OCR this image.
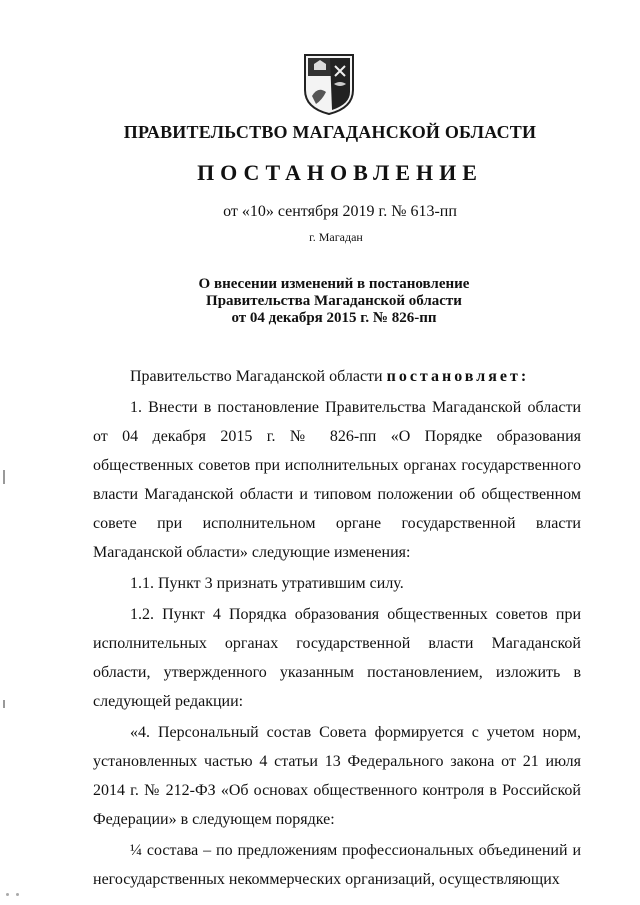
ПРАВИТЕЛЬСТВО МАГАДАНСКОЙ ОБЛАСТИ
ПОСТАНОВЛЕНИЕ
от «10» сентября 2019 г. № 613-пп
г. Магадан
О внесении изменений в постановление
Правительства Магаданской области
от 04 декабря 2015 г. № 826-пп

Правительство Магаданской области постановляет:

1. Внести в постановление Правительства Магаданской области от 04 декабря 2015 г. № 826-пп «О Порядке образования общественных советов при исполнительных органах государственного власти Магаданской области и типовом положении об общественном совете при исполнительном органе государственной власти Магаданской области» следующие изменения:

1.1. Пункт 3 признать утратившим силу.

1.2. Пункт 4 Порядка образования общественных советов при исполнительных органах государственной власти Магаданской области, утвержденного указанным постановлением, изложить в следующей редакции:

«4. Персональный состав Совета формируется с учетом норм, установленных частью 4 статьи 13 Федерального закона от 21 июля 2014 г. № 212-ФЗ «Об основах общественного контроля в Российской Федерации» в следующем порядке:

¼ состава – по предложениям профессиональных объединений и негосударственных некоммерческих организаций, осуществляющих
